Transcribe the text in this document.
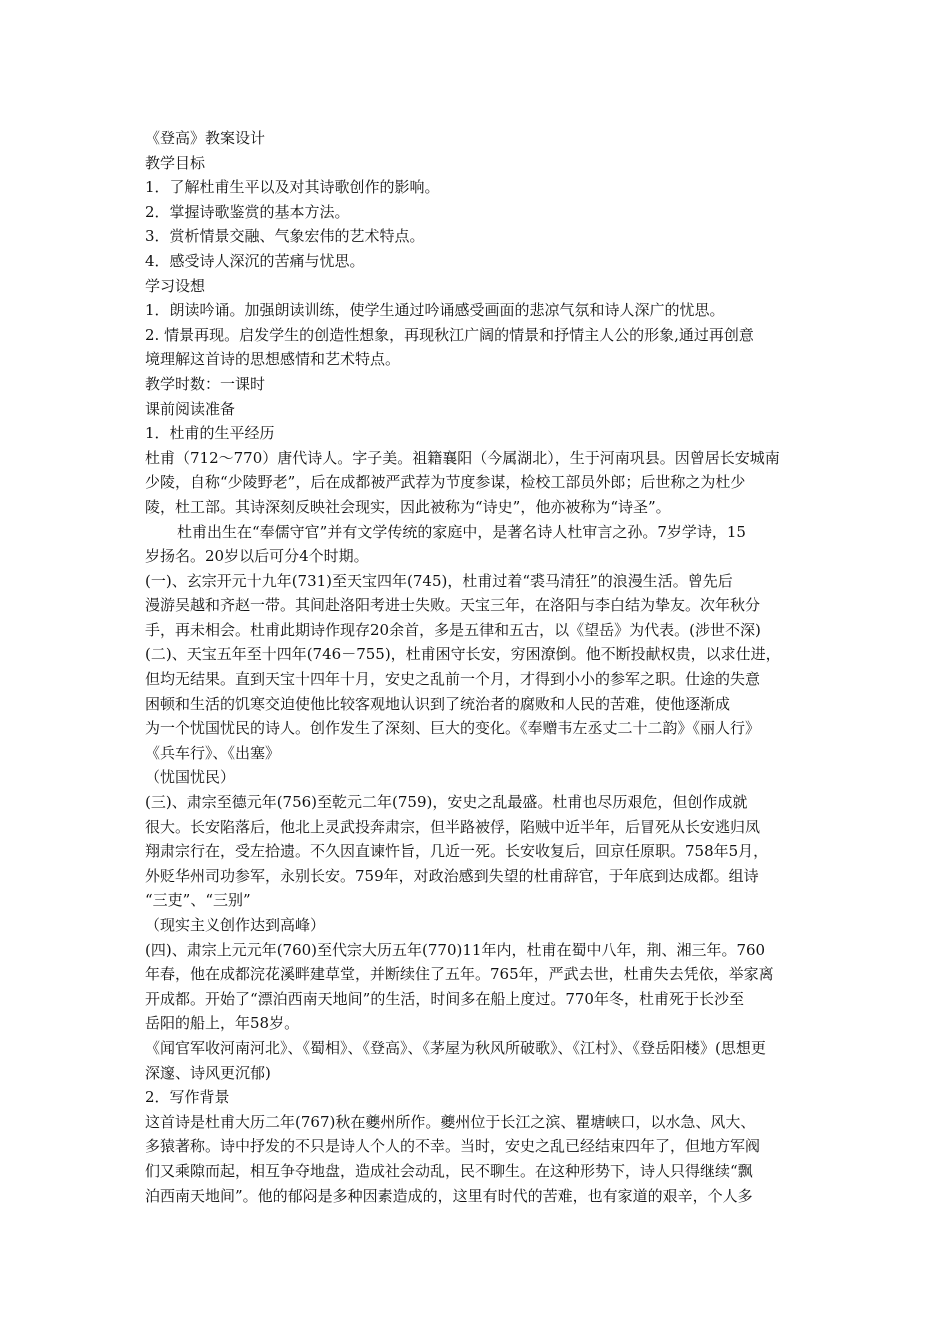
《登高》教案设计
教学目标
1．了解杜甫生平以及对其诗歌创作的影响。
2．掌握诗歌鉴赏的基本方法。
3．赏析情景交融、气象宏伟的艺术特点。
4．感受诗人深沉的苦痛与忧思。
学习设想
1．朗读吟诵。加强朗读训练，使学生通过吟诵感受画面的悲凉气氛和诗人深广的忧思。
2. 情景再现。启发学生的创造性想象，再现秋江广阔的情景和抒情主人公的形象,通过再创意
境理解这首诗的思想感情和艺术特点。
教学时数：一课时
课前阅读准备
1．杜甫的生平经历
杜甫（712～770）唐代诗人。字子美。祖籍襄阳（今属湖北），生于河南巩县。因曾居长安城南
少陵，自称“少陵野老”，后在成都被严武荐为节度参谋，检校工部员外郎；后世称之为杜少
陵，杜工部。其诗深刻反映社会现实，因此被称为“诗史”，他亦被称为“诗圣”。
杜甫出生在“奉儒守官”并有文学传统的家庭中，是著名诗人杜审言之孙。7岁学诗，15
岁扬名。20岁以后可分4个时期。
(一)、玄宗开元十九年(731)至天宝四年(745)，杜甫过着“裘马清狂”的浪漫生活。曾先后
漫游吴越和齐赵一带。其间赴洛阳考进士失败。天宝三年，在洛阳与李白结为挚友。次年秋分
手，再未相会。杜甫此期诗作现存20余首，多是五律和五古，以《望岳》为代表。(涉世不深)
(二)、天宝五年至十四年(746－755)，杜甫困守长安，穷困潦倒。他不断投献权贵，以求仕进，
但均无结果。直到天宝十四年十月，安史之乱前一个月，才得到小小的参军之职。仕途的失意
困顿和生活的饥寒交迫使他比较客观地认识到了统治者的腐败和人民的苦难，使他逐渐成
为一个忧国忧民的诗人。创作发生了深刻、巨大的变化。《奉赠韦左丞丈二十二韵》《丽人行》
《兵车行》、《出塞》
（忧国忧民）
(三)、肃宗至德元年(756)至乾元二年(759)，安史之乱最盛。杜甫也尽历艰危，但创作成就
很大。长安陷落后，他北上灵武投奔肃宗，但半路被俘，陷贼中近半年，后冒死从长安逃归凤
翔肃宗行在，受左拾遗。不久因直谏忤旨，几近一死。长安收复后，回京任原职。758年5月，
外贬华州司功参军，永别长安。759年，对政治感到失望的杜甫辞官，于年底到达成都。组诗
“三吏”、“三别”
（现实主义创作达到高峰）
(四)、肃宗上元元年(760)至代宗大历五年(770)11年内，杜甫在蜀中八年，荆、湘三年。760
年春，他在成都浣花溪畔建草堂，并断续住了五年。765年，严武去世，杜甫失去凭依，举家离
开成都。开始了“漂泊西南天地间”的生活，时间多在船上度过。770年冬，杜甫死于长沙至
岳阳的船上，年58岁。
《闻官军收河南河北》、《蜀相》、《登高》、《茅屋为秋风所破歌》、《江村》、《登岳阳楼》(思想更
深邃、诗风更沉郁)
2．写作背景
这首诗是杜甫大历二年(767)秋在夔州所作。夔州位于长江之滨、瞿塘峡口，以水急、风大、
多猿著称。诗中抒发的不只是诗人个人的不幸。当时，安史之乱已经结束四年了，但地方军阀
们又乘隙而起，相互争夺地盘，造成社会动乱，民不聊生。在这种形势下，诗人只得继续“飘
泊西南天地间”。他的郁闷是多种因素造成的，这里有时代的苦难，也有家道的艰辛，个人多
